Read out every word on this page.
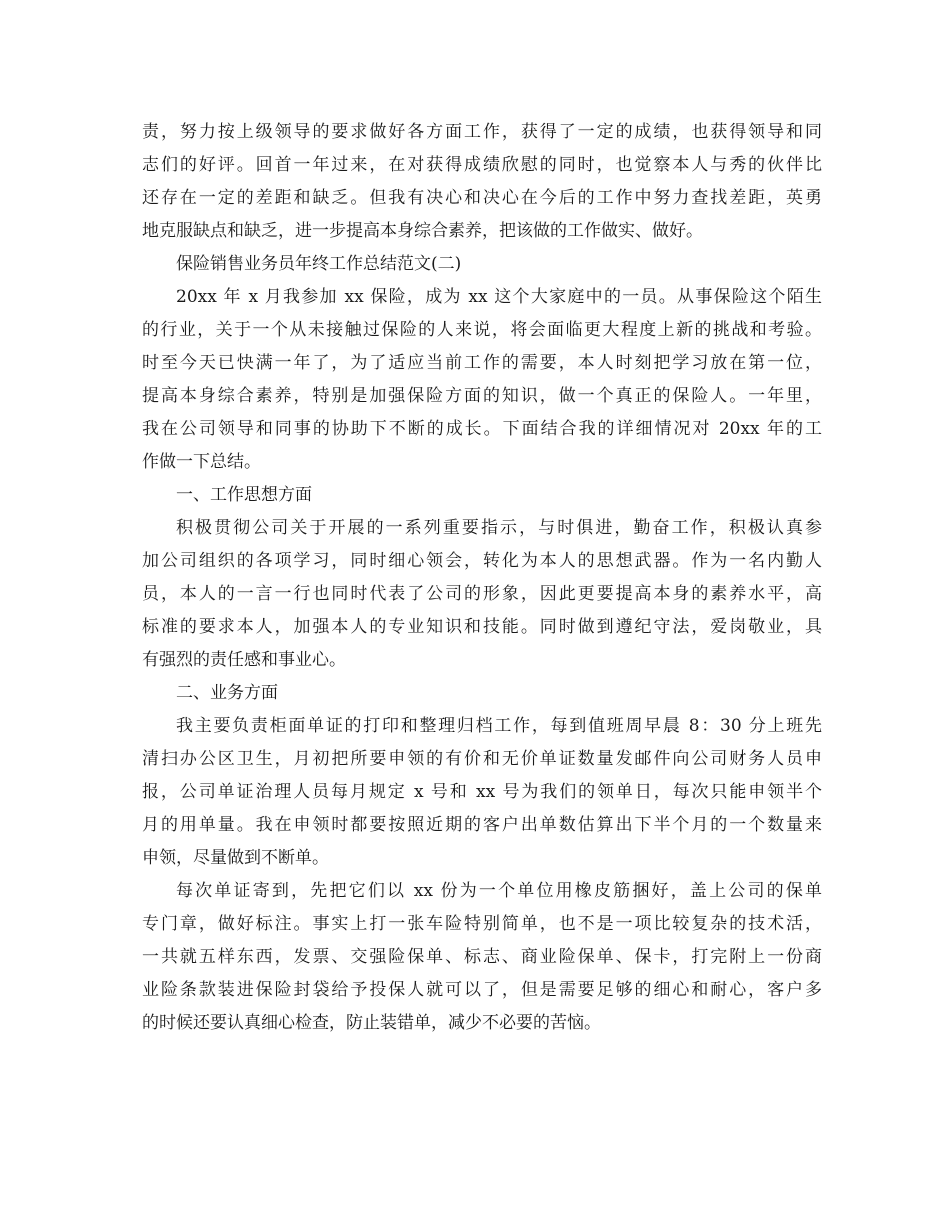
责，努力按上级领导的要求做好各方面工作，获得了一定的成绩，也获得领导和同
志们的好评。回首一年过来，在对获得成绩欣慰的同时，也觉察本人与秀的伙伴比
还存在一定的差距和缺乏。但我有决心和决心在今后的工作中努力查找差距，英勇
地克服缺点和缺乏，进一步提高本身综合素养，把该做的工作做实、做好。
保险销售业务员年终工作总结范文(二)
20xx 年 x 月我参加 xx 保险，成为 xx 这个大家庭中的一员。从事保险这个陌生
的行业，关于一个从未接触过保险的人来说，将会面临更大程度上新的挑战和考验。
时至今天已快满一年了，为了适应当前工作的需要，本人时刻把学习放在第一位，
提高本身综合素养，特别是加强保险方面的知识，做一个真正的保险人。一年里，
我在公司领导和同事的协助下不断的成长。下面结合我的详细情况对 20xx 年的工
作做一下总结。
一、工作思想方面
积极贯彻公司关于开展的一系列重要指示，与时俱进，勤奋工作，积极认真参
加公司组织的各项学习，同时细心领会，转化为本人的思想武器。作为一名内勤人
员，本人的一言一行也同时代表了公司的形象，因此更要提高本身的素养水平，高
标准的要求本人，加强本人的专业知识和技能。同时做到遵纪守法，爱岗敬业，具
有强烈的责任感和事业心。
二、业务方面
我主要负责柜面单证的打印和整理归档工作，每到值班周早晨 8：30 分上班先
清扫办公区卫生，月初把所要申领的有价和无价单证数量发邮件向公司财务人员申
报，公司单证治理人员每月规定 x 号和 xx 号为我们的领单日，每次只能申领半个
月的用单量。我在申领时都要按照近期的客户出单数估算出下半个月的一个数量来
申领，尽量做到不断单。
每次单证寄到，先把它们以 xx 份为一个单位用橡皮筋捆好，盖上公司的保单
专门章，做好标注。事实上打一张车险特别简单，也不是一项比较复杂的技术活，
一共就五样东西，发票、交强险保单、标志、商业险保单、保卡，打完附上一份商
业险条款装进保险封袋给予投保人就可以了，但是需要足够的细心和耐心，客户多
的时候还要认真细心检查，防止装错单，减少不必要的苦恼。
